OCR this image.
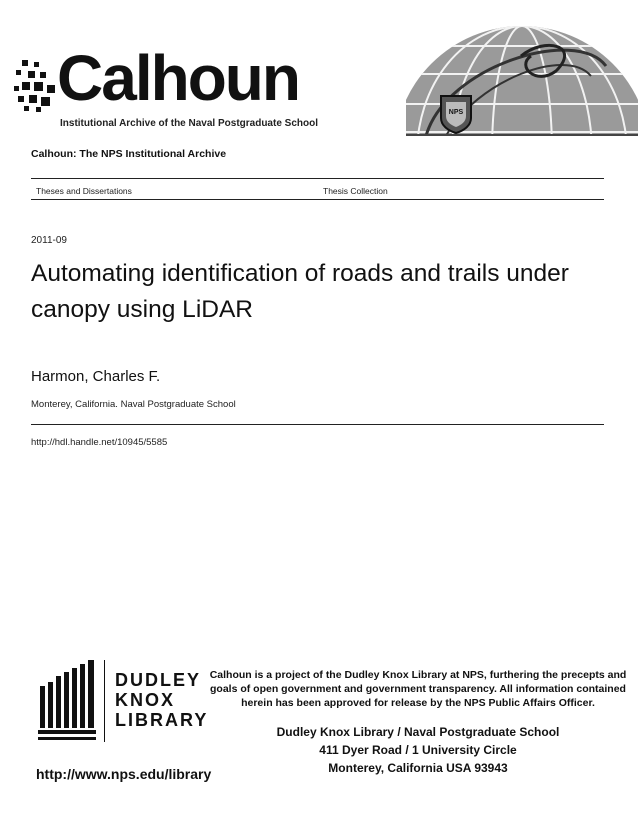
Calhoun
Institutional Archive of the Naval Postgraduate School
NPS
Calhoun: The NPS Institutional Archive
Theses and Dissertations	Thesis Collection
2011-09
Automating identification of roads and trails under canopy using LiDAR
Harmon, Charles F.
Monterey, California. Naval Postgraduate School
http://hdl.handle.net/10945/5585
DUDLEY
KNOX
LIBRARY
Calhoun is a project of the Dudley Knox Library at NPS, furthering the precepts and goals of open government and government transparency. All information contained herein has been approved for release by the NPS Public Affairs Officer.
Dudley Knox Library / Naval Postgraduate School
411 Dyer Road / 1 University Circle
Monterey, California USA 93943
http://www.nps.edu/library
